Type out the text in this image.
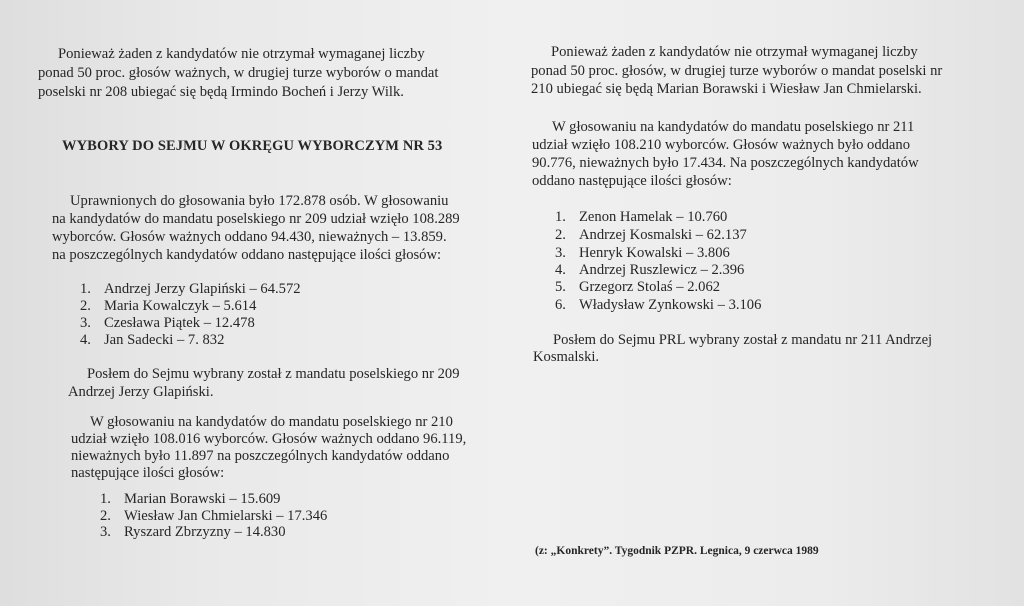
Ponieważ żaden z kandydatów nie otrzymał wymaganej liczby

ponad 50 proc. głosów ważnych, w drugiej turze wyborów o mandat

poselski nr 208 ubiegać się będą Irmindo Bocheń i Jerzy Wilk.

WYBORY DO SEJMU W OKRĘGU WYBORCZYM NR 53

Uprawnionych do głosowania było 172.878 osób. W głosowaniu

na kandydatów do mandatu poselskiego nr 209 udział wzięło 108.289

wyborców. Głosów ważnych oddano 94.430, nieważnych – 13.859.

na poszczególnych kandydatów oddano następujące ilości głosów:

1. Andrzej Jerzy Glapiński – 64.572
2. Maria Kowalczyk – 5.614
3. Czesława Piątek – 12.478
4. Jan Sadecki – 7. 832

Posłem do Sejmu wybrany został z mandatu poselskiego nr 209

Andrzej Jerzy Glapiński.

W głosowaniu na kandydatów do mandatu poselskiego nr 210

udział wzięło 108.016 wyborców. Głosów ważnych oddano 96.119,

nieważnych było 11.897 na poszczególnych kandydatów oddano

następujące ilości głosów:

1. Marian Borawski – 15.609
2. Wiesław Jan Chmielarski – 17.346
3. Ryszard Zbrzyzny – 14.830

Ponieważ żaden z kandydatów nie otrzymał wymaganej liczby

ponad 50 proc. głosów, w drugiej turze wyborów o mandat poselski nr

210 ubiegać się będą Marian Borawski i Wiesław Jan Chmielarski.

W głosowaniu na kandydatów do mandatu poselskiego nr 211

udział wzięło 108.210 wyborców. Głosów ważnych było oddano

90.776, nieważnych było 17.434. Na poszczególnych kandydatów

oddano następujące ilości głosów:

1. Zenon Hamelak – 10.760
2. Andrzej Kosmalski – 62.137
3. Henryk Kowalski – 3.806
4. Andrzej Ruszlewicz – 2.396
5. Grzegorz Stolaś – 2.062
6. Władysław Zynkowski – 3.106

Posłem do Sejmu PRL wybrany został z mandatu nr 211 Andrzej

Kosmalski.

(z: „Konkrety”. Tygodnik PZPR. Legnica, 9 czerwca 1989
